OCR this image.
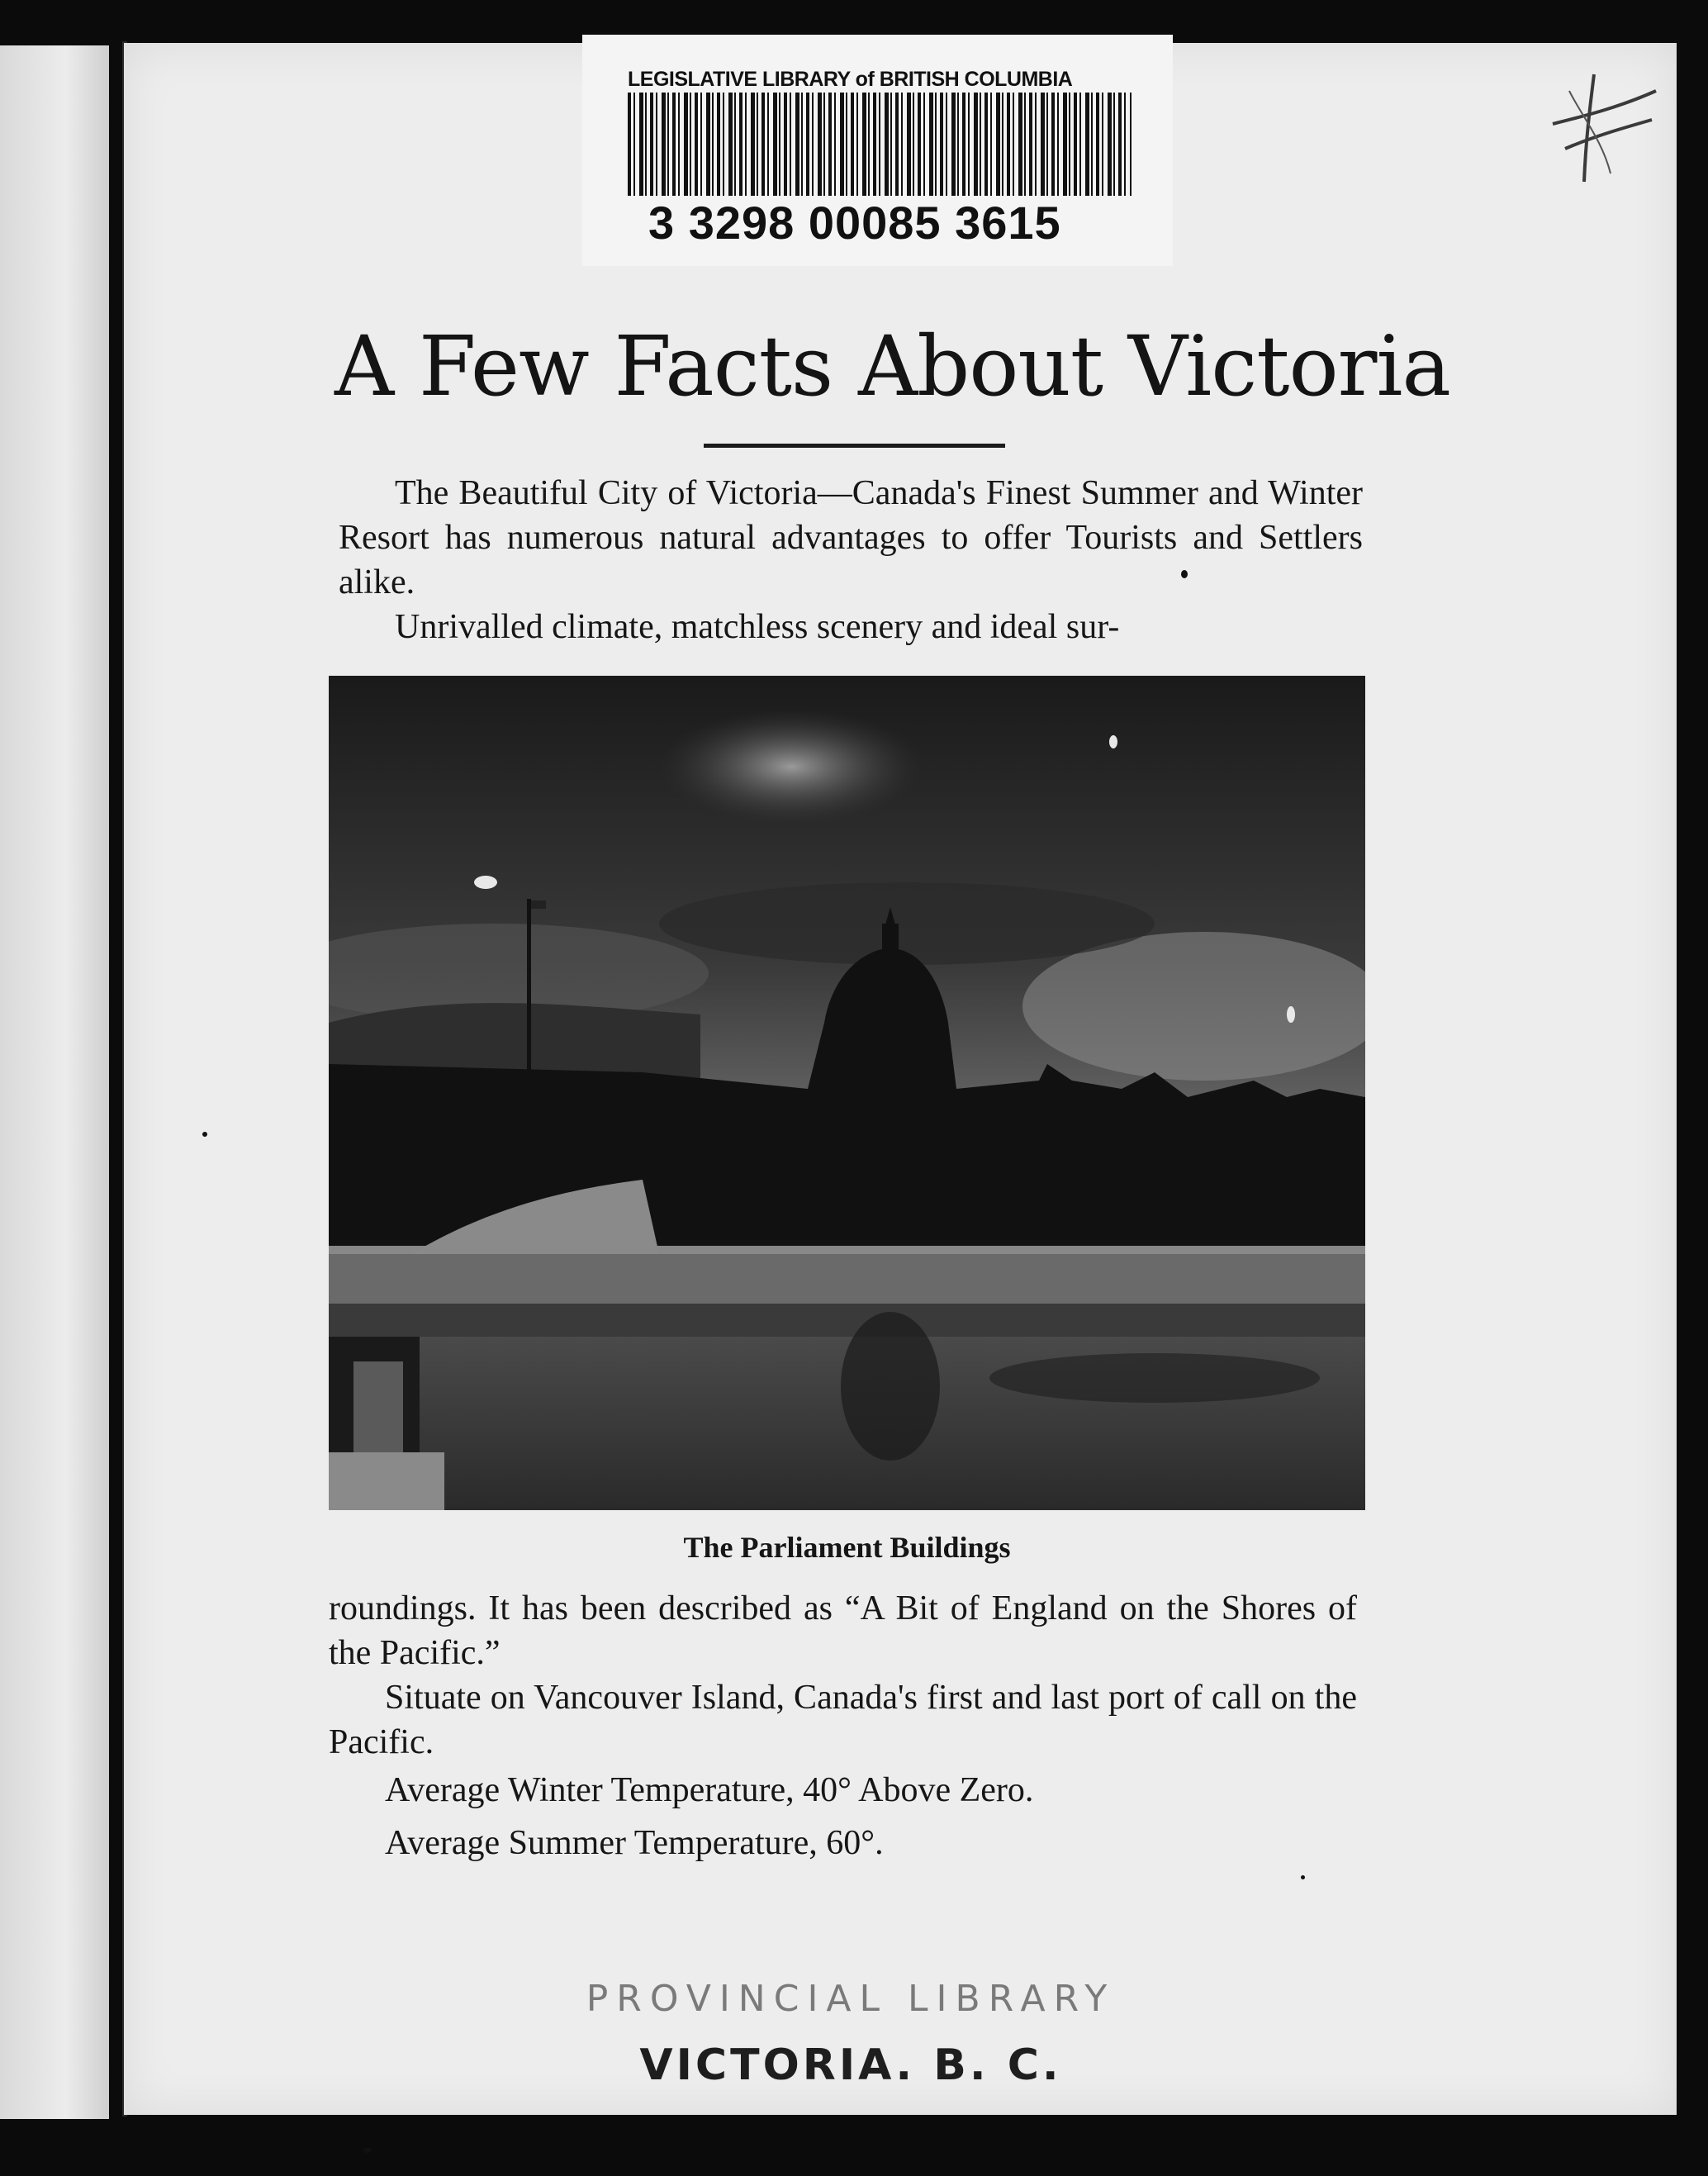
LEGISLATIVE LIBRARY of BRITISH COLUMBIA
3 3298 00085 3615
A Few Facts About Victoria

The Beautiful City of Victoria—Canada's Finest Summer and Winter Resort has numerous natural advantages to offer Tourists and Settlers alike.

Unrivalled climate, matchless scenery and ideal sur-

The Parliament Buildings

roundings. It has been described as “A Bit of England on the Shores of the Pacific.”

Situate on Vancouver Island, Canada's first and last port of call on the Pacific.

Average Winter Temperature, 40° Above Zero.

Average Summer Temperature, 60°.

PROVINCIAL LIBRARY
VICTORIA. B. C.
